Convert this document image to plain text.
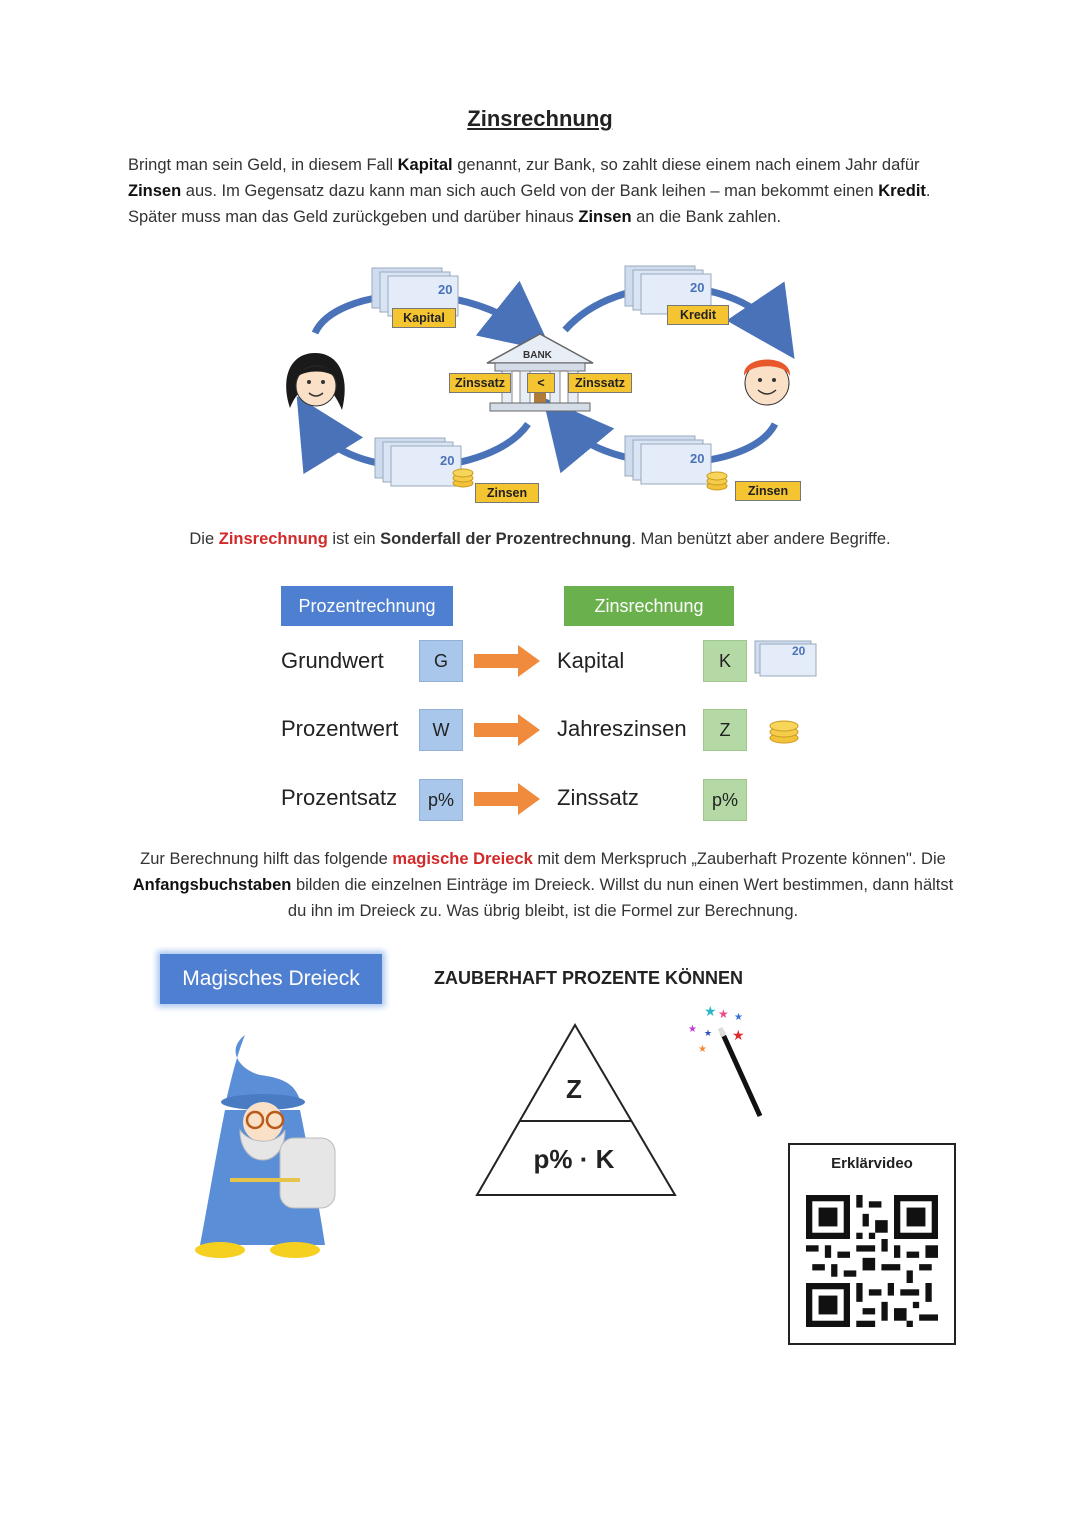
Zinsrechnung
Bringt man sein Geld, in diesem Fall Kapital genannt, zur Bank, so zahlt diese einem nach einem Jahr dafür Zinsen aus. Im Gegensatz dazu kann man sich auch Geld von der Bank leihen – man bekommt einen Kredit. Später muss man das Geld zurückgeben und darüber hinaus Zinsen an die Bank zahlen.
20	20
20	20
BANK
Kapital	Kredit
Zinssatz	<	Zinssatz
Zinsen	Zinsen
Die Zinsrechnung ist ein Sonderfall der Prozentrechnung. Man benützt aber andere Begriffe.
Prozentrechnung	Zinsrechnung
Grundwert	G	Kapital	K	20
Prozentwert	W	Jahreszinsen	Z
Prozentsatz	p%	Zinssatz	p%
Zur Berechnung hilft das folgende magische Dreieck mit dem Merkspruch „Zauberhaft Prozente können". Die Anfangsbuchstaben bilden die einzelnen Einträge im Dreieck. Willst du nun einen Wert bestimmen, dann hältst du ihn im Dreieck zu. Was übrig bleibt, ist die Formel zur Berechnung.
Magisches Dreieck	ZAUBERHAFT PROZENTE KÖNNEN
Z
p% · K
★ ★ ★
★	★
★
★
Erklärvideo
